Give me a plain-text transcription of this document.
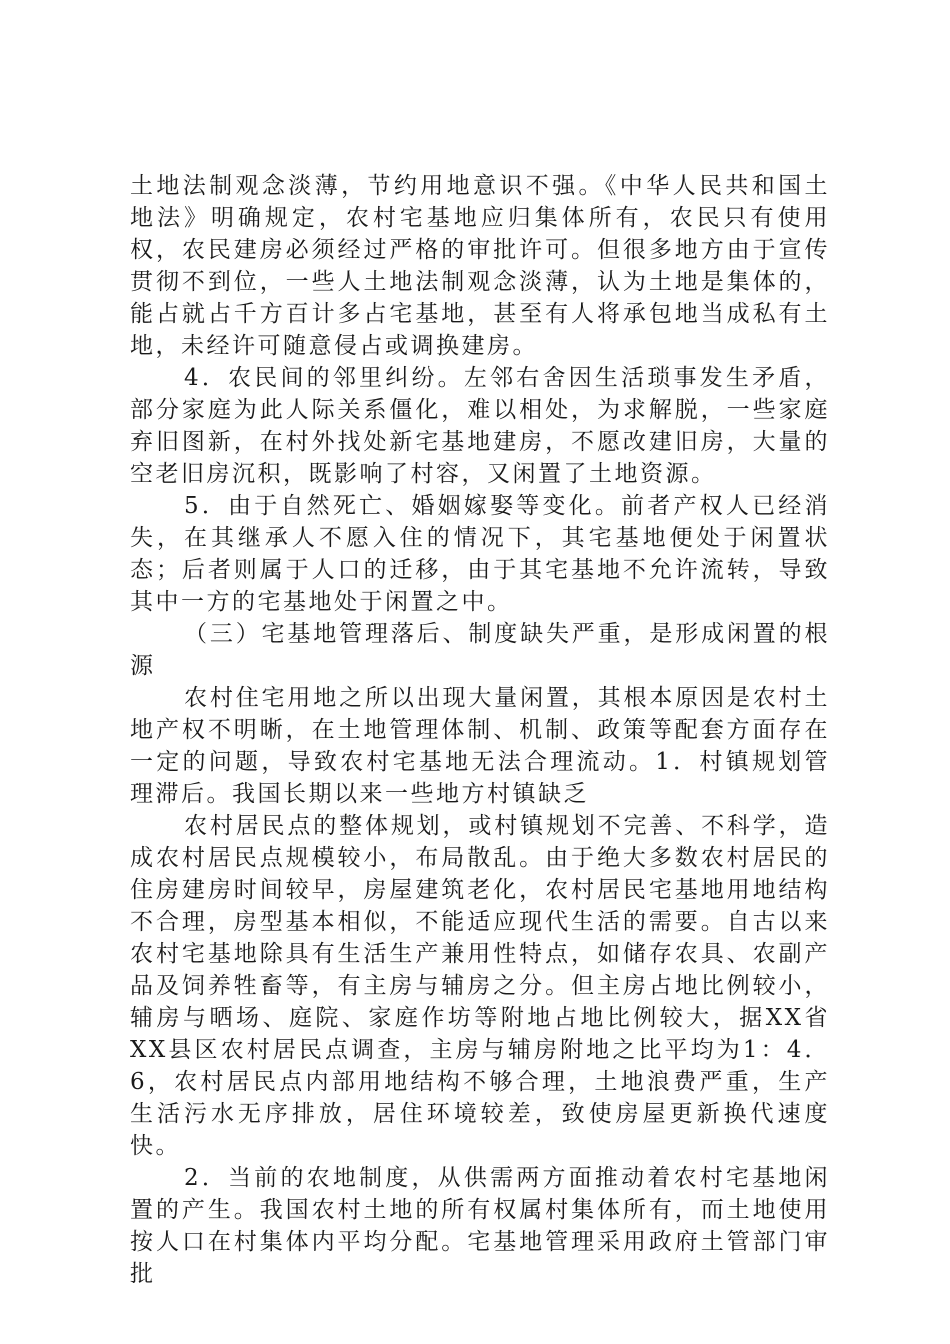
土地法制观念淡薄，节约用地意识不强。《中华人民共和国土地法》明确规定，农村宅基地应归集体所有，农民只有使用权，农民建房必须经过严格的审批许可。但很多地方由于宣传贯彻不到位，一些人土地法制观念淡薄，认为土地是集体的，能占就占千方百计多占宅基地，甚至有人将承包地当成私有土地，未经许可随意侵占或调换建房。

4．农民间的邻里纠纷。左邻右舍因生活琐事发生矛盾，部分家庭为此人际关系僵化，难以相处，为求解脱，一些家庭弃旧图新，在村外找处新宅基地建房，不愿改建旧房，大量的空老旧房沉积，既影响了村容，又闲置了土地资源。

5．由于自然死亡、婚姻嫁娶等变化。前者产权人已经消失，在其继承人不愿入住的情况下，其宅基地便处于闲置状态；后者则属于人口的迁移，由于其宅基地不允许流转，导致其中一方的宅基地处于闲置之中。

（三）宅基地管理落后、制度缺失严重，是形成闲置的根源

农村住宅用地之所以出现大量闲置，其根本原因是农村土地产权不明晰，在土地管理体制、机制、政策等配套方面存在一定的问题，导致农村宅基地无法合理流动。1．村镇规划管理滞后。我国长期以来一些地方村镇缺乏

农村居民点的整体规划，或村镇规划不完善、不科学，造成农村居民点规模较小，布局散乱。由于绝大多数农村居民的住房建房时间较早，房屋建筑老化，农村居民宅基地用地结构不合理，房型基本相似，不能适应现代生活的需要。自古以来农村宅基地除具有生活生产兼用性特点，如储存农具、农副产品及饲养牲畜等，有主房与辅房之分。但主房占地比例较小，辅房与晒场、庭院、家庭作坊等附地占地比例较大，据XX省XX县区农村居民点调查，主房与辅房附地之比平均为1：4．6，农村居民点内部用地结构不够合理，土地浪费严重，生产生活污水无序排放，居住环境较差，致使房屋更新换代速度快。

2．当前的农地制度，从供需两方面推动着农村宅基地闲置的产生。我国农村土地的所有权属村集体所有，而土地使用按人口在村集体内平均分配。宅基地管理采用政府土管部门审批
